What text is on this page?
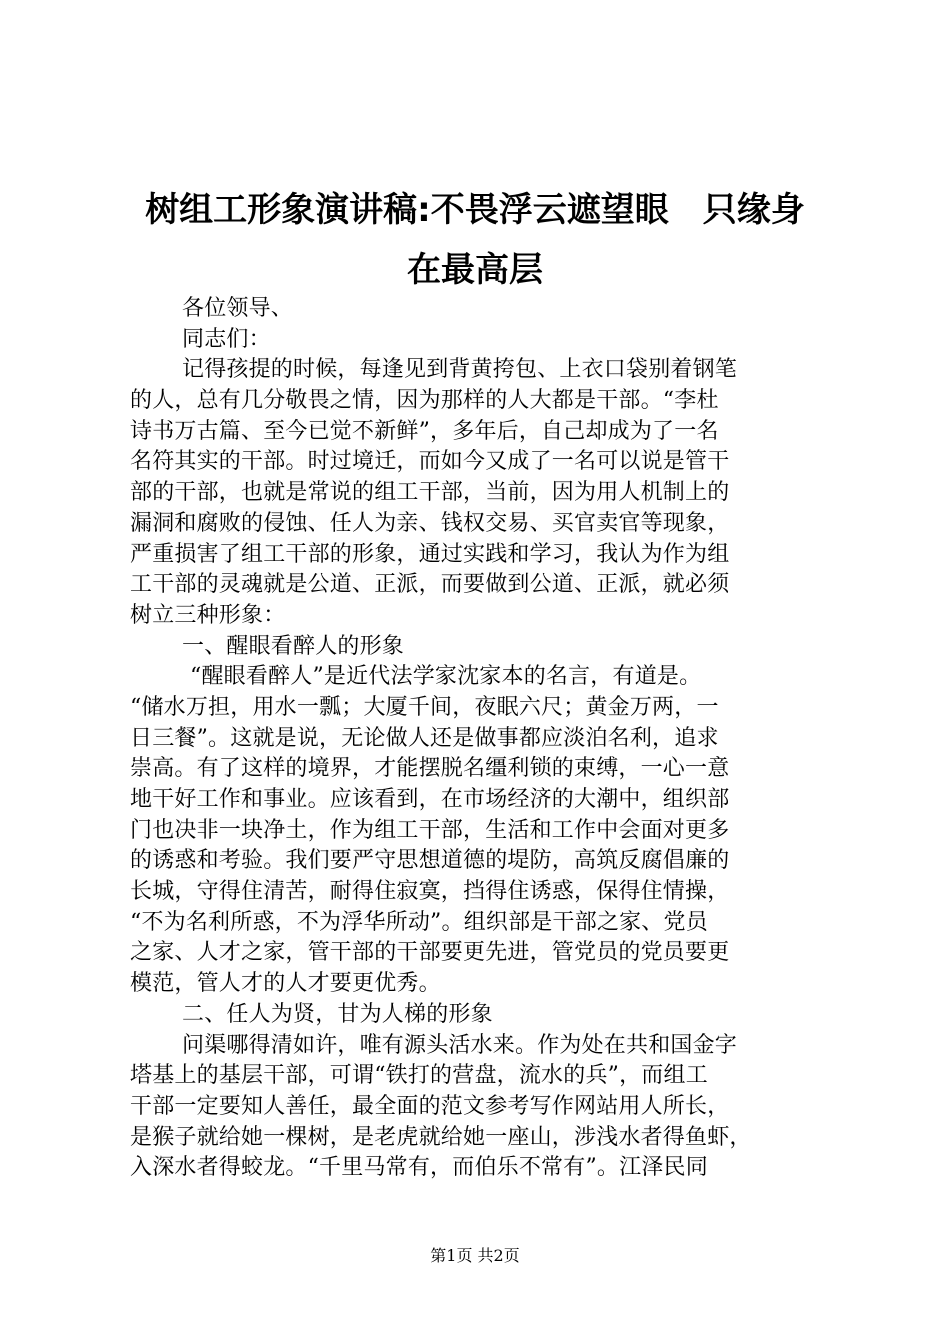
树组工形象演讲稿:不畏浮云遮望眼　只缘身
在最高层
各位领导、
同志们：
记得孩提的时候，每逢见到背黄挎包、上衣口袋别着钢笔
的人，总有几分敬畏之情，因为那样的人大都是干部。“李杜
诗书万古篇、至今已觉不新鲜”，多年后，自己却成为了一名
名符其实的干部。时过境迁，而如今又成了一名可以说是管干
部的干部，也就是常说的组工干部，当前，因为用人机制上的
漏洞和腐败的侵蚀、任人为亲、钱权交易、买官卖官等现象，
严重损害了组工干部的形象，通过实践和学习，我认为作为组
工干部的灵魂就是公道、正派，而要做到公道、正派，就必须
树立三种形象：
一、醒眼看醉人的形象
“醒眼看醉人”是近代法学家沈家本的名言，有道是。
“储水万担，用水一瓢；大厦千间，夜眠六尺；黄金万两，一
日三餐”。这就是说，无论做人还是做事都应淡泊名利，追求
崇高。有了这样的境界，才能摆脱名缰利锁的束缚，一心一意
地干好工作和事业。应该看到，在市场经济的大潮中，组织部
门也决非一块净土，作为组工干部，生活和工作中会面对更多
的诱惑和考验。我们要严守思想道德的堤防，高筑反腐倡廉的
长城，守得住清苦，耐得住寂寞，挡得住诱惑，保得住情操，
“不为名利所惑，不为浮华所动”。组织部是干部之家、党员
之家、人才之家，管干部的干部要更先进，管党员的党员要更
模范，管人才的人才要更优秀。
二、任人为贤，甘为人梯的形象
问渠哪得清如许，唯有源头活水来。作为处在共和国金字
塔基上的基层干部，可谓“铁打的营盘，流水的兵”，而组工
干部一定要知人善任，最全面的范文参考写作网站用人所长，
是猴子就给她一棵树，是老虎就给她一座山，涉浅水者得鱼虾，
入深水者得蛟龙。“千里马常有，而伯乐不常有”。江泽民同
第1页 共2页
